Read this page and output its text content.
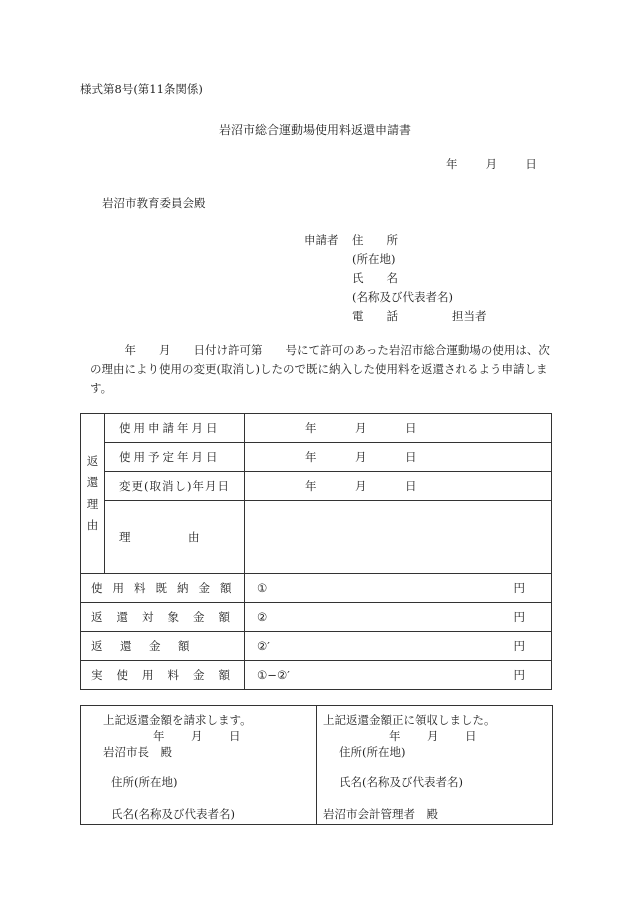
様式第8号(第11条関係)
岩沼市総合運動場使用料返還申請書
年 月 日
岩沼市教育委員会殿
申請者	住　　所
(所在地)
氏　　名
(名称及び代表者名)
電　　話	担当者
　　　年　　月　　日付け許可第　　号にて許可のあった岩沼市総合運動場の使用は、次の理由により使用の変更(取消し)したので既に納入した使用料を返還されるよう申請します。
返
還
理
由	使用申請年月日	年 月 日
	使用予定年月日	年 月 日
	変更(取消し)年月日	年 月 日
	理　　　　　由	
使用料既納金額		① 円

返還対象金額		② 円

返　還　金　額		②′ 円

実使用料金額		①−②′ 円
上記返還金額を請求します。
年 月 日
岩沼市長　殿
住所(所在地)
氏名(名称及び代表者名)
上記返還金額正に領収しました。
年 月 日
住所(所在地)
氏名(名称及び代表者名)
岩沼市会計管理者　殿
